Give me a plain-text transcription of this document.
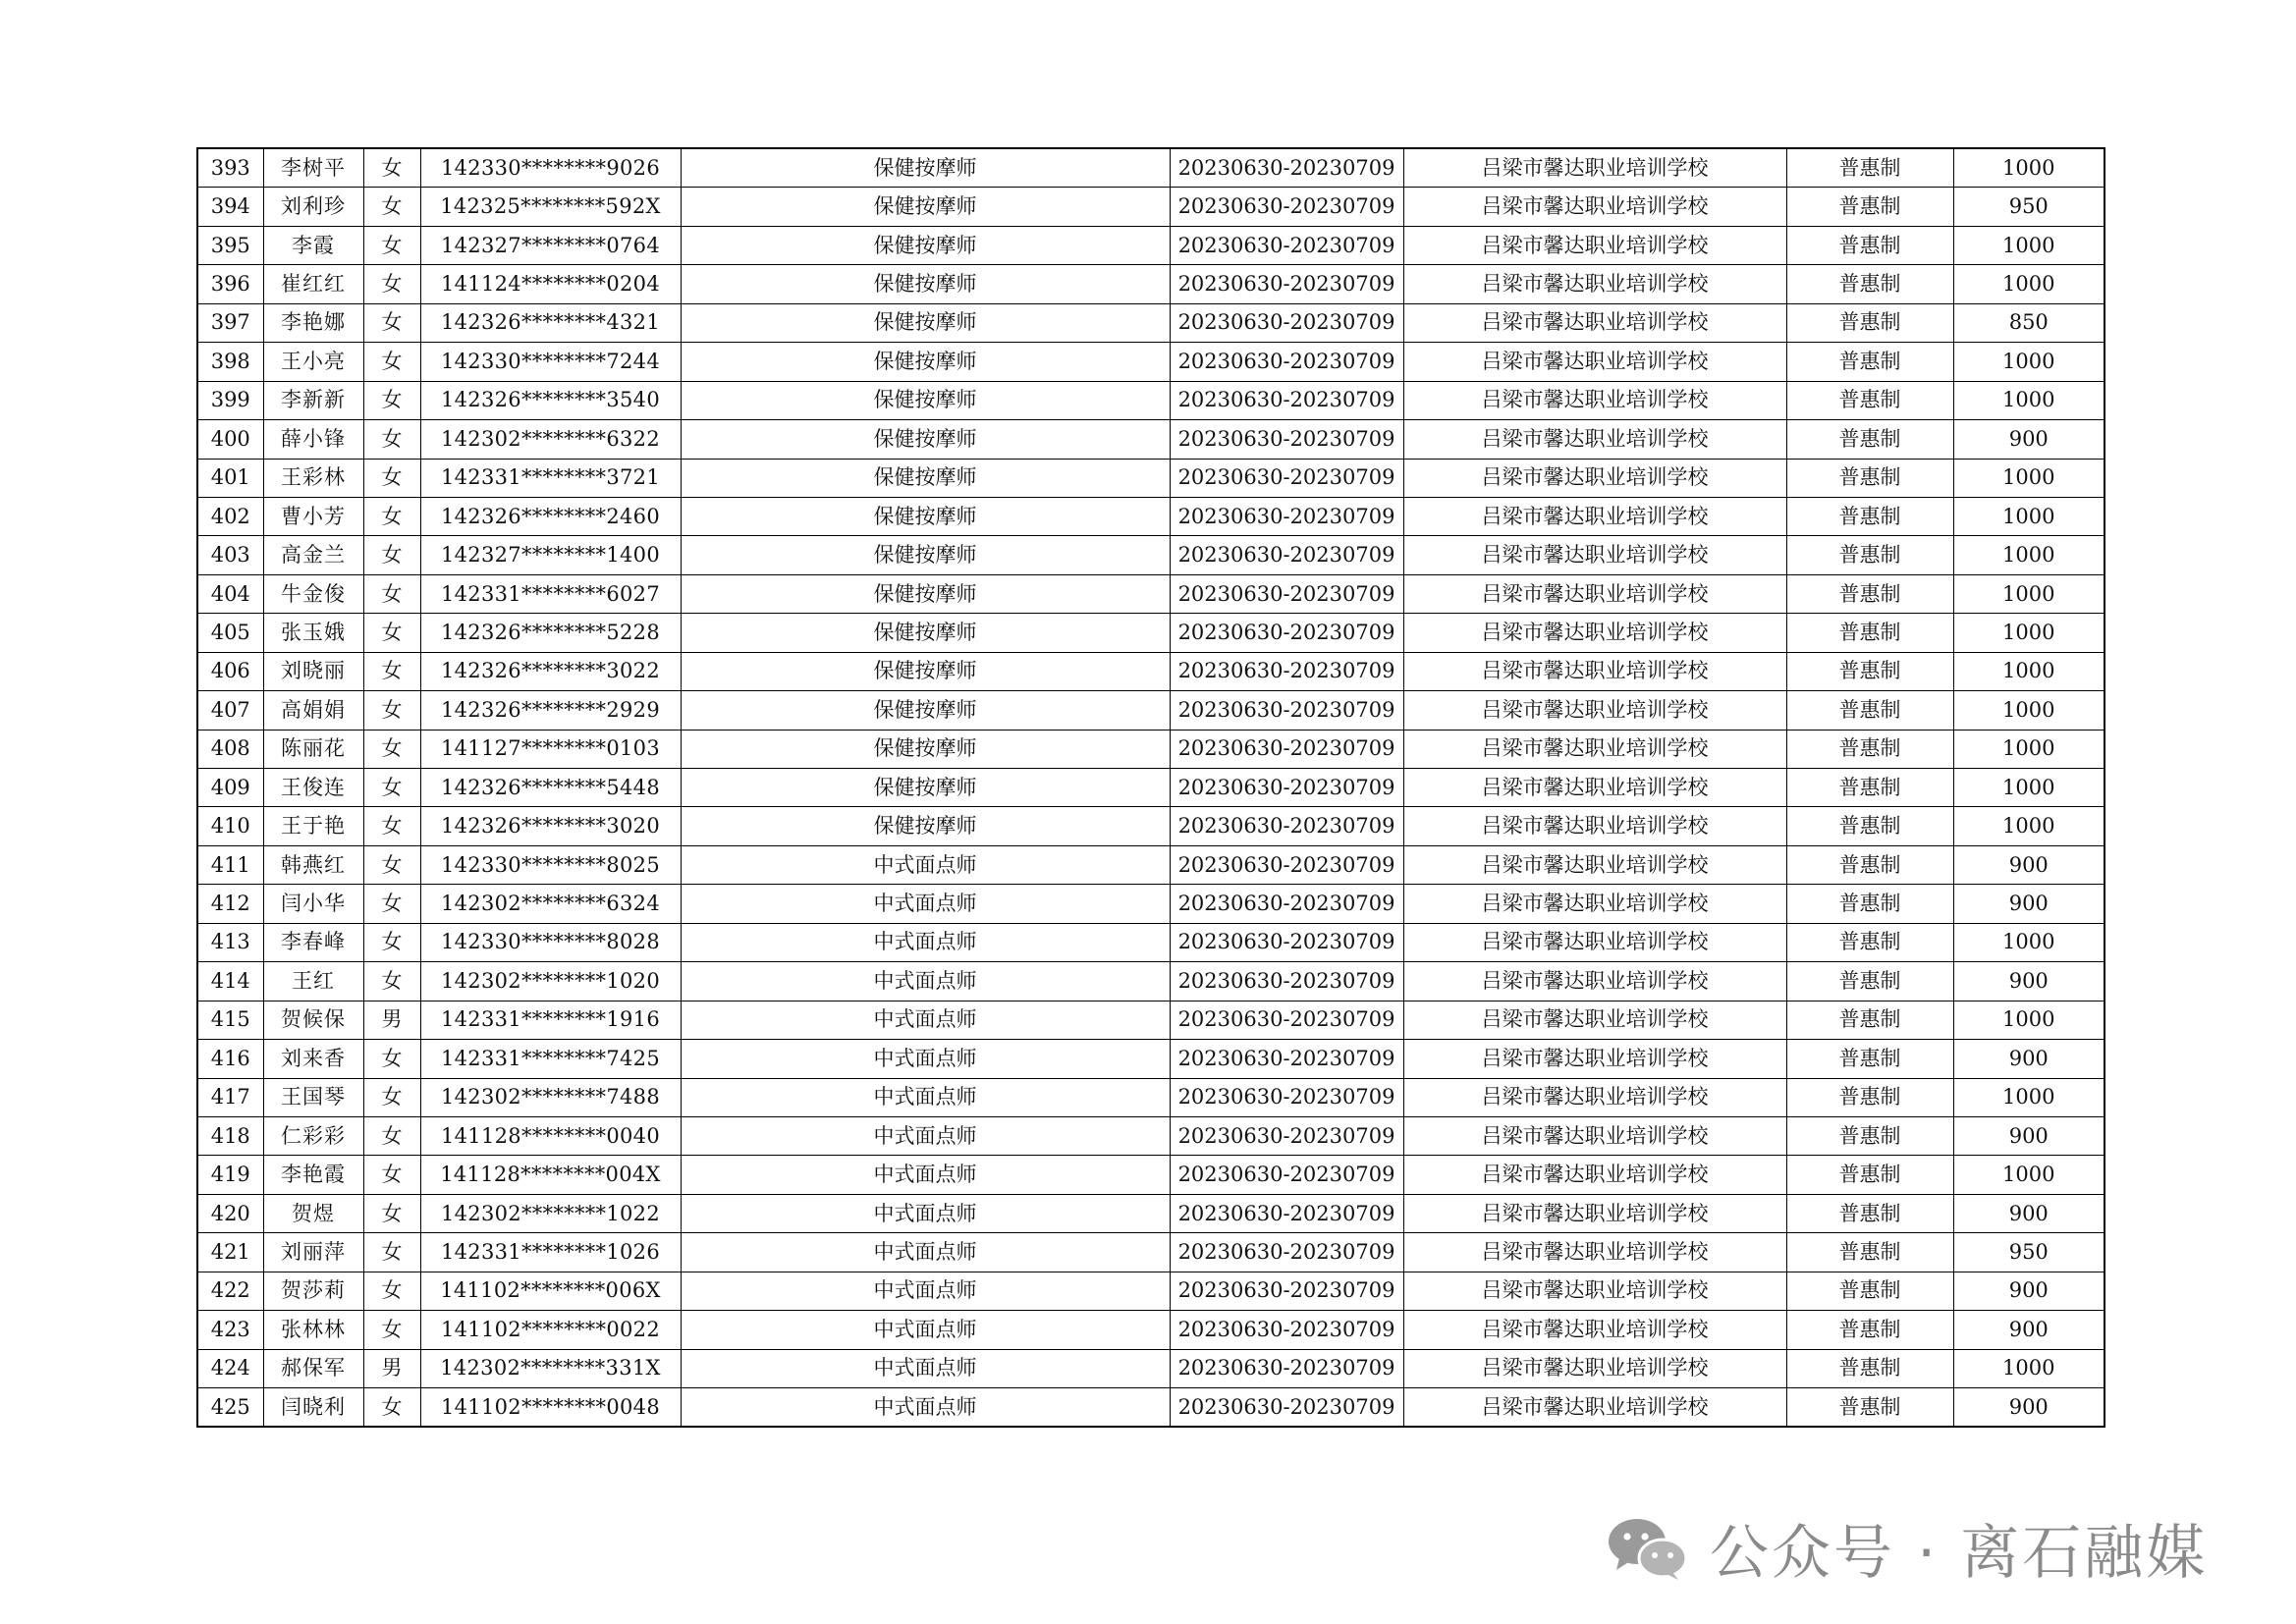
393	李树平	女	142330********9026	保健按摩师	20230630-20230709	吕梁市馨达职业培训学校	普惠制	1000
394	刘利珍	女	142325********592X	保健按摩师	20230630-20230709	吕梁市馨达职业培训学校	普惠制	950
395	李霞	女	142327********0764	保健按摩师	20230630-20230709	吕梁市馨达职业培训学校	普惠制	1000
396	崔红红	女	141124********0204	保健按摩师	20230630-20230709	吕梁市馨达职业培训学校	普惠制	1000
397	李艳娜	女	142326********4321	保健按摩师	20230630-20230709	吕梁市馨达职业培训学校	普惠制	850
398	王小亮	女	142330********7244	保健按摩师	20230630-20230709	吕梁市馨达职业培训学校	普惠制	1000
399	李新新	女	142326********3540	保健按摩师	20230630-20230709	吕梁市馨达职业培训学校	普惠制	1000
400	薛小锋	女	142302********6322	保健按摩师	20230630-20230709	吕梁市馨达职业培训学校	普惠制	900
401	王彩林	女	142331********3721	保健按摩师	20230630-20230709	吕梁市馨达职业培训学校	普惠制	1000
402	曹小芳	女	142326********2460	保健按摩师	20230630-20230709	吕梁市馨达职业培训学校	普惠制	1000
403	高金兰	女	142327********1400	保健按摩师	20230630-20230709	吕梁市馨达职业培训学校	普惠制	1000
404	牛金俊	女	142331********6027	保健按摩师	20230630-20230709	吕梁市馨达职业培训学校	普惠制	1000
405	张玉娥	女	142326********5228	保健按摩师	20230630-20230709	吕梁市馨达职业培训学校	普惠制	1000
406	刘晓丽	女	142326********3022	保健按摩师	20230630-20230709	吕梁市馨达职业培训学校	普惠制	1000
407	高娟娟	女	142326********2929	保健按摩师	20230630-20230709	吕梁市馨达职业培训学校	普惠制	1000
408	陈丽花	女	141127********0103	保健按摩师	20230630-20230709	吕梁市馨达职业培训学校	普惠制	1000
409	王俊连	女	142326********5448	保健按摩师	20230630-20230709	吕梁市馨达职业培训学校	普惠制	1000
410	王于艳	女	142326********3020	保健按摩师	20230630-20230709	吕梁市馨达职业培训学校	普惠制	1000
411	韩燕红	女	142330********8025	中式面点师	20230630-20230709	吕梁市馨达职业培训学校	普惠制	900
412	闫小华	女	142302********6324	中式面点师	20230630-20230709	吕梁市馨达职业培训学校	普惠制	900
413	李春峰	女	142330********8028	中式面点师	20230630-20230709	吕梁市馨达职业培训学校	普惠制	1000
414	王红	女	142302********1020	中式面点师	20230630-20230709	吕梁市馨达职业培训学校	普惠制	900
415	贺候保	男	142331********1916	中式面点师	20230630-20230709	吕梁市馨达职业培训学校	普惠制	1000
416	刘来香	女	142331********7425	中式面点师	20230630-20230709	吕梁市馨达职业培训学校	普惠制	900
417	王国琴	女	142302********7488	中式面点师	20230630-20230709	吕梁市馨达职业培训学校	普惠制	1000
418	仁彩彩	女	141128********0040	中式面点师	20230630-20230709	吕梁市馨达职业培训学校	普惠制	900
419	李艳霞	女	141128********004X	中式面点师	20230630-20230709	吕梁市馨达职业培训学校	普惠制	1000
420	贺煜	女	142302********1022	中式面点师	20230630-20230709	吕梁市馨达职业培训学校	普惠制	900
421	刘丽萍	女	142331********1026	中式面点师	20230630-20230709	吕梁市馨达职业培训学校	普惠制	950
422	贺莎莉	女	141102********006X	中式面点师	20230630-20230709	吕梁市馨达职业培训学校	普惠制	900
423	张林林	女	141102********0022	中式面点师	20230630-20230709	吕梁市馨达职业培训学校	普惠制	900
424	郝保军	男	142302********331X	中式面点师	20230630-20230709	吕梁市馨达职业培训学校	普惠制	1000
425	闫晓利	女	141102********0048	中式面点师	20230630-20230709	吕梁市馨达职业培训学校	普惠制	900
公众号 · 离石融媒
